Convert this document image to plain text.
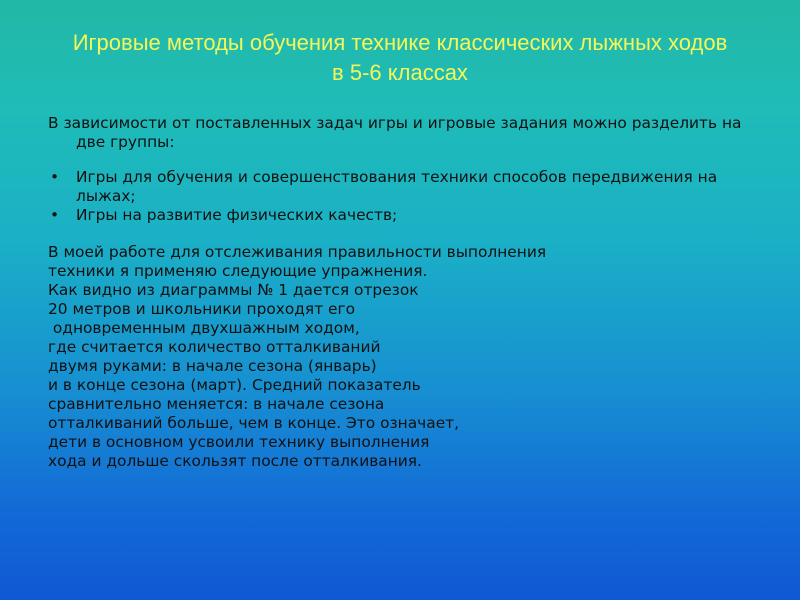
Игровые методы обучения технике классических лыжных ходов
в 5-6 классах

В зависимости от поставленных задач игры и игровые задания можно разделить на две группы:

• Игры для обучения и совершенствования техники способов передвижения на лыжах;
• Игры на развитие физических качеств;
В моей работе для отслеживания правильности выполнения
техники я применяю следующие упражнения.
Как видно из диаграммы № 1 дается отрезок
20 метров и школьники проходят его
одновременным двухшажным ходом,
где считается количество отталкиваний
двумя руками: в начале сезона (январь)
и в конце сезона (март). Средний показатель
сравнительно меняется: в начале сезона
отталкиваний больше, чем в конце. Это означает,
дети в основном усвоили технику выполнения
хода и дольше скользят после отталкивания.
